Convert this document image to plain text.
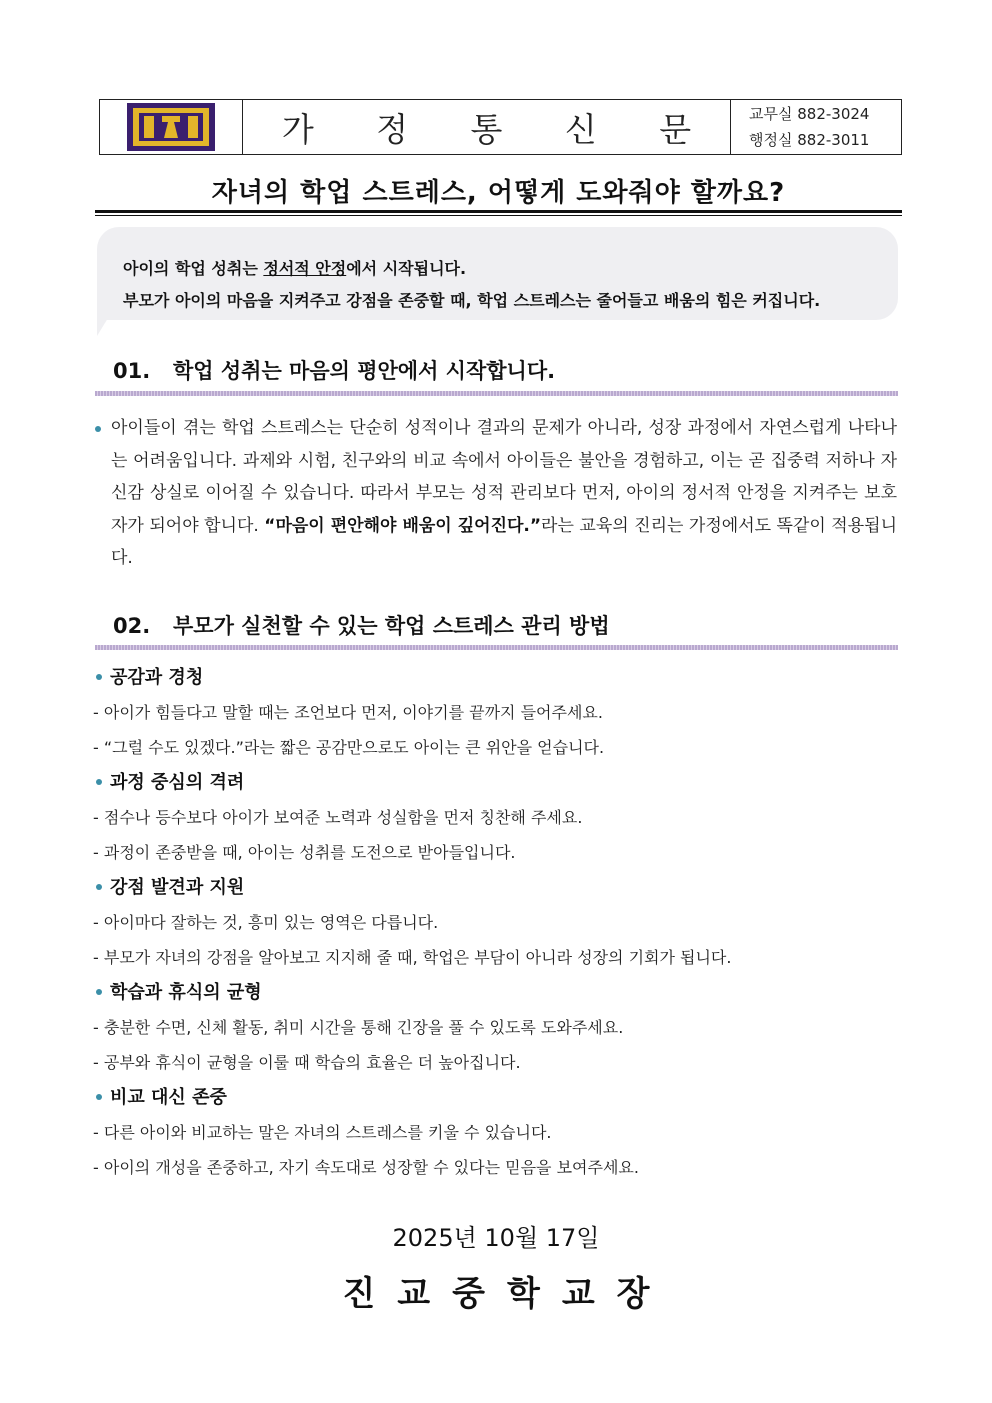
가 정 통 신 문 교무실 882-3024
행정실 882-3011
자녀의 학업 스트레스, 어떻게 도와줘야 할까요?
아이의 학업 성취는 정서적 안정에서 시작됩니다.
부모가 아이의 마음을 지켜주고 강점을 존중할 때, 학업 스트레스는 줄어들고 배움의 힘은 커집니다.
01. 학업 성취는 마음의 평안에서 시작합니다.
아이들이 겪는 학업 스트레스는 단순히 성적이나 결과의 문제가 아니라, 성장 과정에서 자연스럽게 나타나는 어려움입니다. 과제와 시험, 친구와의 비교 속에서 아이들은 불안을 경험하고, 이는 곧 집중력 저하나 자신감 상실로 이어질 수 있습니다. 따라서 부모는 성적 관리보다 먼저, 아이의 정서적 안정을 지켜주는 보호자가 되어야 합니다. “마음이 편안해야 배움이 깊어진다.”라는 교육의 진리는 가정에서도 똑같이 적용됩니다.
02. 부모가 실천할 수 있는 학업 스트레스 관리 방법
공감과 경청
- 아이가 힘들다고 말할 때는 조언보다 먼저, 이야기를 끝까지 들어주세요.
- “그럴 수도 있겠다.”라는 짧은 공감만으로도 아이는 큰 위안을 얻습니다.
과정 중심의 격려
- 점수나 등수보다 아이가 보여준 노력과 성실함을 먼저 칭찬해 주세요.
- 과정이 존중받을 때, 아이는 성취를 도전으로 받아들입니다.
강점 발견과 지원
- 아이마다 잘하는 것, 흥미 있는 영역은 다릅니다.
- 부모가 자녀의 강점을 알아보고 지지해 줄 때, 학업은 부담이 아니라 성장의 기회가 됩니다.
학습과 휴식의 균형
- 충분한 수면, 신체 활동, 취미 시간을 통해 긴장을 풀 수 있도록 도와주세요.
- 공부와 휴식이 균형을 이룰 때 학습의 효율은 더 높아집니다.
비교 대신 존중
- 다른 아이와 비교하는 말은 자녀의 스트레스를 키울 수 있습니다.
- 아이의 개성을 존중하고, 자기 속도대로 성장할 수 있다는 믿음을 보여주세요.
2025년 10월 17일
진교중학교장
